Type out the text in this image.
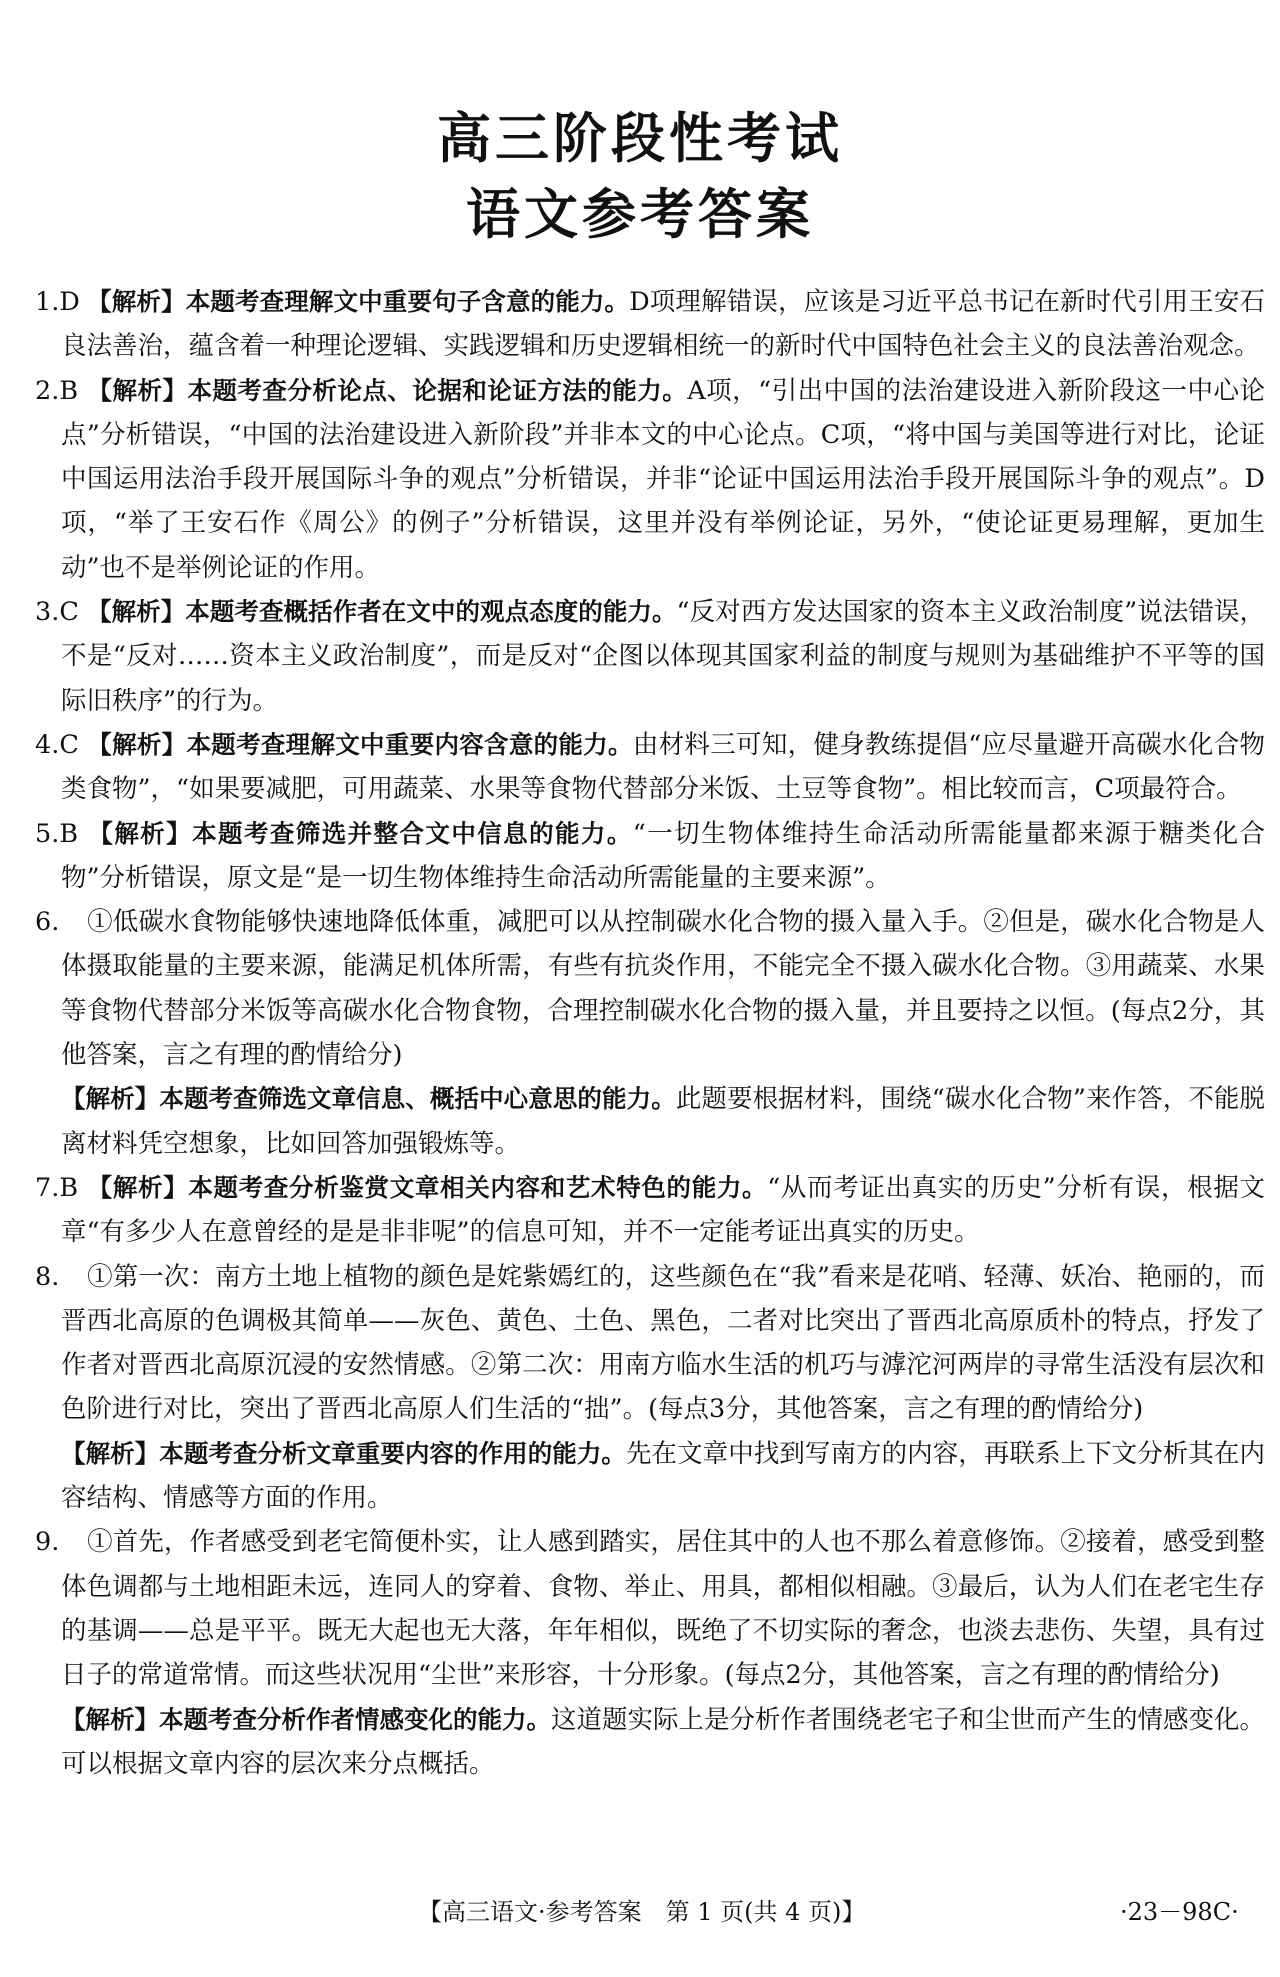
高三阶段性考试
语文参考答案

1.D 【解析】本题考查理解文中重要句子含意的能力。D项理解错误，应该是习近平总书记在新时代引用王安石良法善治，蕴含着一种理论逻辑、实践逻辑和历史逻辑相统一的新时代中国特色社会主义的良法善治观念。

2.B 【解析】本题考查分析论点、论据和论证方法的能力。A项，“引出中国的法治建设进入新阶段这一中心论点”分析错误，“中国的法治建设进入新阶段”并非本文的中心论点。C项，“将中国与美国等进行对比，论证中国运用法治手段开展国际斗争的观点”分析错误，并非“论证中国运用法治手段开展国际斗争的观点”。D项，“举了王安石作《周公》的例子”分析错误，这里并没有举例论证，另外，“使论证更易理解，更加生动”也不是举例论证的作用。

3.C 【解析】本题考查概括作者在文中的观点态度的能力。“反对西方发达国家的资本主义政治制度”说法错误，不是“反对……资本主义政治制度”，而是反对“企图以体现其国家利益的制度与规则为基础维护不平等的国际旧秩序”的行为。

4.C 【解析】本题考查理解文中重要内容含意的能力。由材料三可知，健身教练提倡“应尽量避开高碳水化合物类食物”，“如果要减肥，可用蔬菜、水果等食物代替部分米饭、土豆等食物”。相比较而言，C项最符合。

5.B 【解析】本题考查筛选并整合文中信息的能力。“一切生物体维持生命活动所需能量都来源于糖类化合物”分析错误，原文是“是一切生物体维持生命活动所需能量的主要来源”。

6. ①低碳水食物能够快速地降低体重，减肥可以从控制碳水化合物的摄入量入手。②但是，碳水化合物是人体摄取能量的主要来源，能满足机体所需，有些有抗炎作用，不能完全不摄入碳水化合物。③用蔬菜、水果等食物代替部分米饭等高碳水化合物食物，合理控制碳水化合物的摄入量，并且要持之以恒。(每点2分，其他答案，言之有理的酌情给分)

【解析】本题考查筛选文章信息、概括中心意思的能力。此题要根据材料，围绕“碳水化合物”来作答，不能脱离材料凭空想象，比如回答加强锻炼等。

7.B 【解析】本题考查分析鉴赏文章相关内容和艺术特色的能力。“从而考证出真实的历史”分析有误，根据文章“有多少人在意曾经的是是非非呢”的信息可知，并不一定能考证出真实的历史。

8. ①第一次：南方土地上植物的颜色是姹紫嫣红的，这些颜色在“我”看来是花哨、轻薄、妖冶、艳丽的，而晋西北高原的色调极其简单——灰色、黄色、土色、黑色，二者对比突出了晋西北高原质朴的特点，抒发了作者对晋西北高原沉浸的安然情感。②第二次：用南方临水生活的机巧与滹沱河两岸的寻常生活没有层次和色阶进行对比，突出了晋西北高原人们生活的“拙”。(每点3分，其他答案，言之有理的酌情给分)

【解析】本题考查分析文章重要内容的作用的能力。先在文章中找到写南方的内容，再联系上下文分析其在内容结构、情感等方面的作用。

9. ①首先，作者感受到老宅简便朴实，让人感到踏实，居住其中的人也不那么着意修饰。②接着，感受到整体色调都与土地相距未远，连同人的穿着、食物、举止、用具，都相似相融。③最后，认为人们在老宅生存的基调——总是平平。既无大起也无大落，年年相似，既绝了不切实际的奢念，也淡去悲伤、失望，具有过日子的常道常情。而这些状况用“尘世”来形容，十分形象。(每点2分，其他答案，言之有理的酌情给分)

【解析】本题考查分析作者情感变化的能力。这道题实际上是分析作者围绕老宅子和尘世而产生的情感变化。可以根据文章内容的层次来分点概括。

【高三语文·参考答案　第 1 页(共 4 页)】	·23－98C·
